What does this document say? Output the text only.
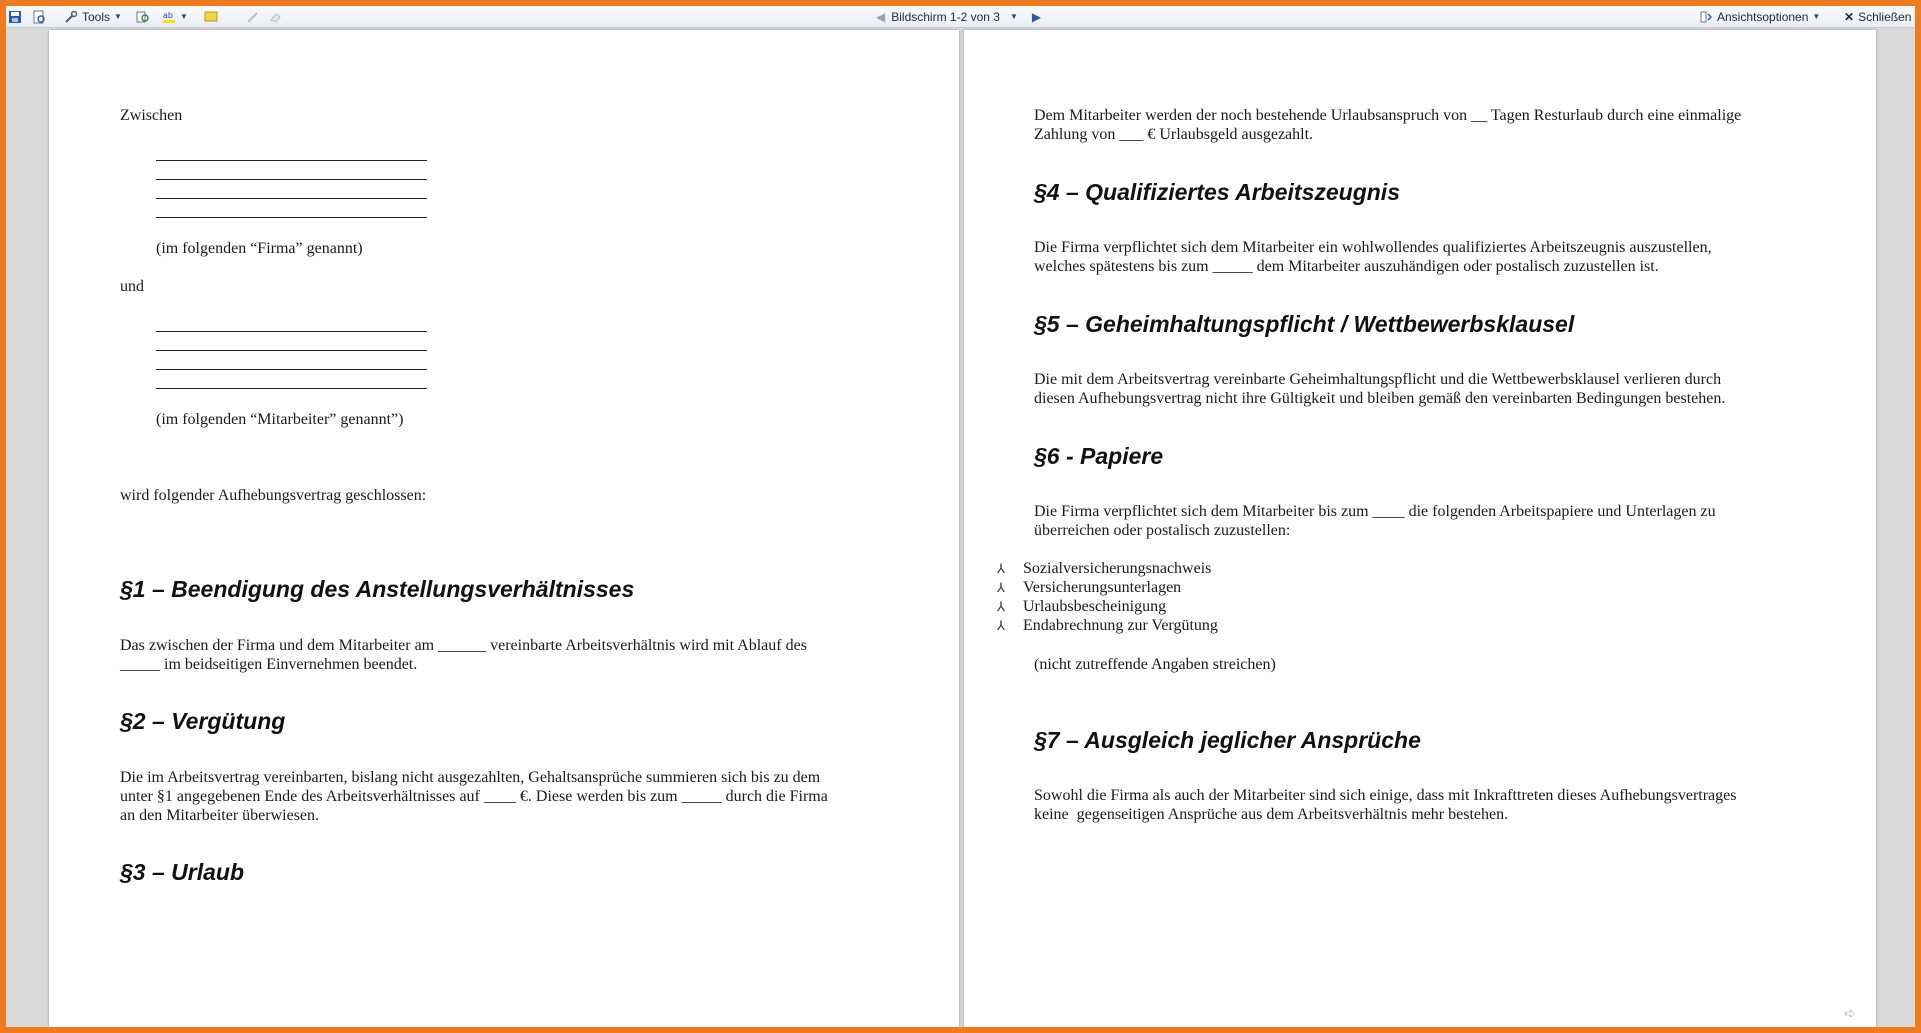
Tools ▼	ab ▼	◀ Bildschirm 1-2 von 3 ▼ ▶	Ansichtsoptionen ▼ ✕ Schließen
Zwischen
(im folgenden “Firma” genannt)
und
(im folgenden “Mitarbeiter” genannt”)
wird folgender Aufhebungsvertrag geschlossen:
§1 – Beendigung des Anstellungsverhältnisses
Das zwischen der Firma und dem Mitarbeiter am ______ vereinbarte Arbeitsverhältnis wird mit Ablauf des
_____ im beidseitigen Einvernehmen beendet.
§2 – Vergütung
Die im Arbeitsvertrag vereinbarten, bislang nicht ausgezahlten, Gehaltsansprüche summieren sich bis zu dem
unter §1 angegebenen Ende des Arbeitsverhältnisses auf ____ €. Diese werden bis zum _____ durch die Firma
an den Mitarbeiter überwiesen.
§3 – Urlaub
Dem Mitarbeiter werden der noch bestehende Urlaubsanspruch von __ Tagen Resturlaub durch eine einmalige
Zahlung von ___ € Urlaubsgeld ausgezahlt.
§4 – Qualifiziertes Arbeitszeugnis
Die Firma verpflichtet sich dem Mitarbeiter ein wohlwollendes qualifiziertes Arbeitszeugnis auszustellen,
welches spätestens bis zum _____ dem Mitarbeiter auszuhändigen oder postalisch zuzustellen ist.
§5 – Geheimhaltungspflicht / Wettbewerbsklausel
Die mit dem Arbeitsvertrag vereinbarte Geheimhaltungspflicht und die Wettbewerbsklausel verlieren durch
diesen Aufhebungsvertrag nicht ihre Gültigkeit und bleiben gemäß den vereinbarten Bedingungen bestehen.
§6 - Papiere
Die Firma verpflichtet sich dem Mitarbeiter bis zum ____ die folgenden Arbeitspapiere und Unterlagen zu
überreichen oder postalisch zuzustellen:
⅄ Sozialversicherungsnachweis
⅄ Versicherungsunterlagen
⅄ Urlaubsbescheinigung
⅄ Endabrechnung zur Vergütung
(nicht zutreffende Angaben streichen)
§7 – Ausgleich jeglicher Ansprüche
Sowohl die Firma als auch der Mitarbeiter sind sich einige, dass mit Inkrafttreten dieses Aufhebungsvertrages
keine  gegenseitigen Ansprüche aus dem Arbeitsverhältnis mehr bestehen.
➪
